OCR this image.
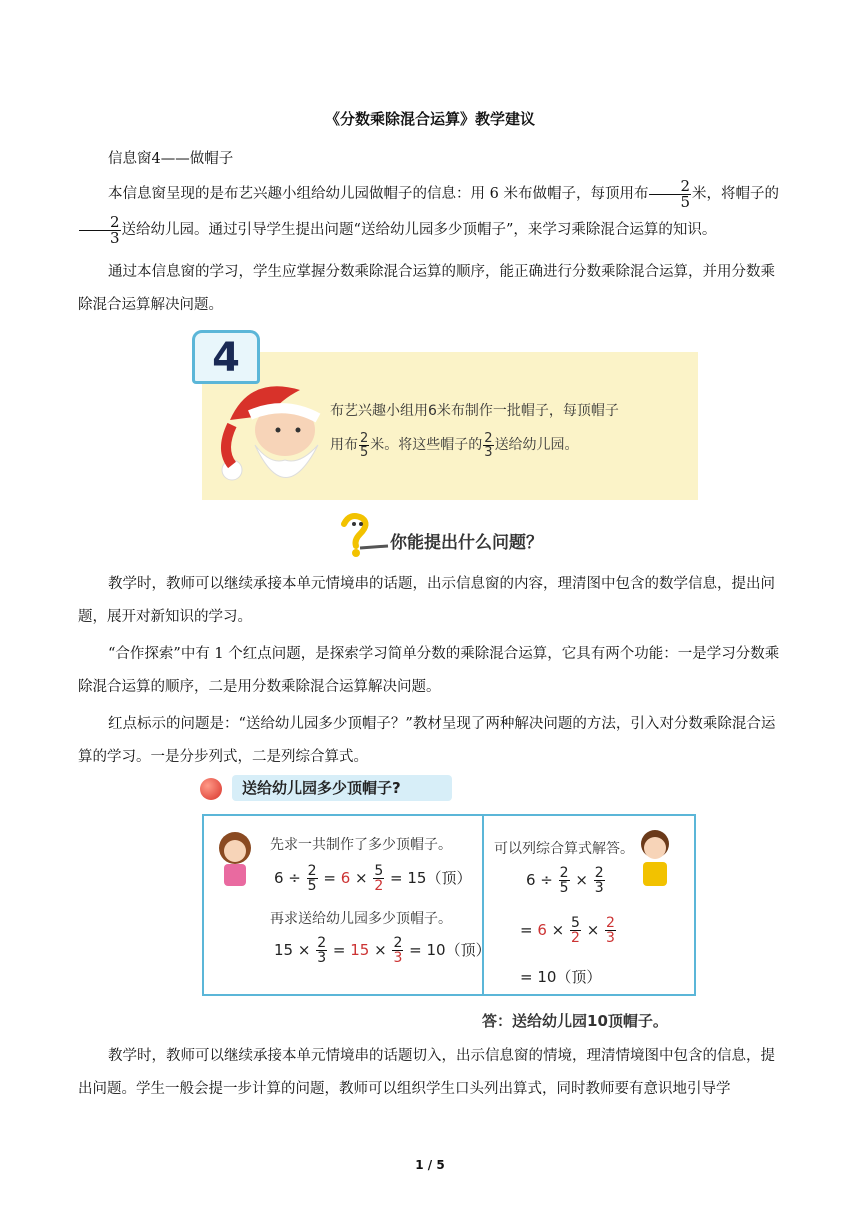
《分数乘除混合运算》教学建议

信息窗4——做帽子

本信息窗呈现的是布艺兴趣小组给幼儿园做帽子的信息：用 6 米布做帽子，每顶用布 $\frac{2}{5}$ 米，将帽子的
$\frac{2}{3}$ 送给幼儿园。通过引导学生提出问题“送给幼儿园多少顶帽子”，来学习乘除混合运算的知识。

通过本信息窗的学习，学生应掌握分数乘除混合运算的顺序，能正确进行分数乘除混合运算，并用分数乘除混合运算解决问题。

4
布艺兴趣小组用6米布制作一批帽子，每顶帽子
用布 $\frac{2}{5}$ 米。将这些帽子的 $\frac{2}{3}$ 送给幼儿园。
你能提出什么问题？

教学时，教师可以继续承接本单元情境串的话题，出示信息窗的内容，理清图中包含的数学信息，提出问题，展开对新知识的学习。

“合作探索”中有 1 个红点问题，是探索学习简单分数的乘除混合运算，它具有两个功能：一是学习分数乘除混合运算的顺序，二是用分数乘除混合运算解决问题。

红点标示的问题是：“送给幼儿园多少顶帽子？”教材呈现了两种解决问题的方法，引入对分数乘除混合运算的学习。一是分步列式，二是列综合算式。

送给幼儿园多少顶帽子?
先求一共制作了多少顶帽子。
$6 \div \frac{2}{5} = 6 \times \frac{5}{2} = 15$（顶）
再求送给幼儿园多少顶帽子。
$15 \times \frac{2}{3} = 15 \times \frac{2}{3} = 10$（顶）
可以列综合算式解答。
$6 \div \frac{2}{5} \times \frac{2}{3}$
= $6 \times \frac{5}{2} \times \frac{2}{3}$
= 10（顶）
答：送给幼儿园10顶帽子。

教学时，教师可以继续承接本单元情境串的话题切入，出示信息窗的情境，理清情境图中包含的信息，提出问题。学生一般会提一步计算的问题，教师可以组织学生口头列出算式，同时教师要有意识地引导学

1 / 5
